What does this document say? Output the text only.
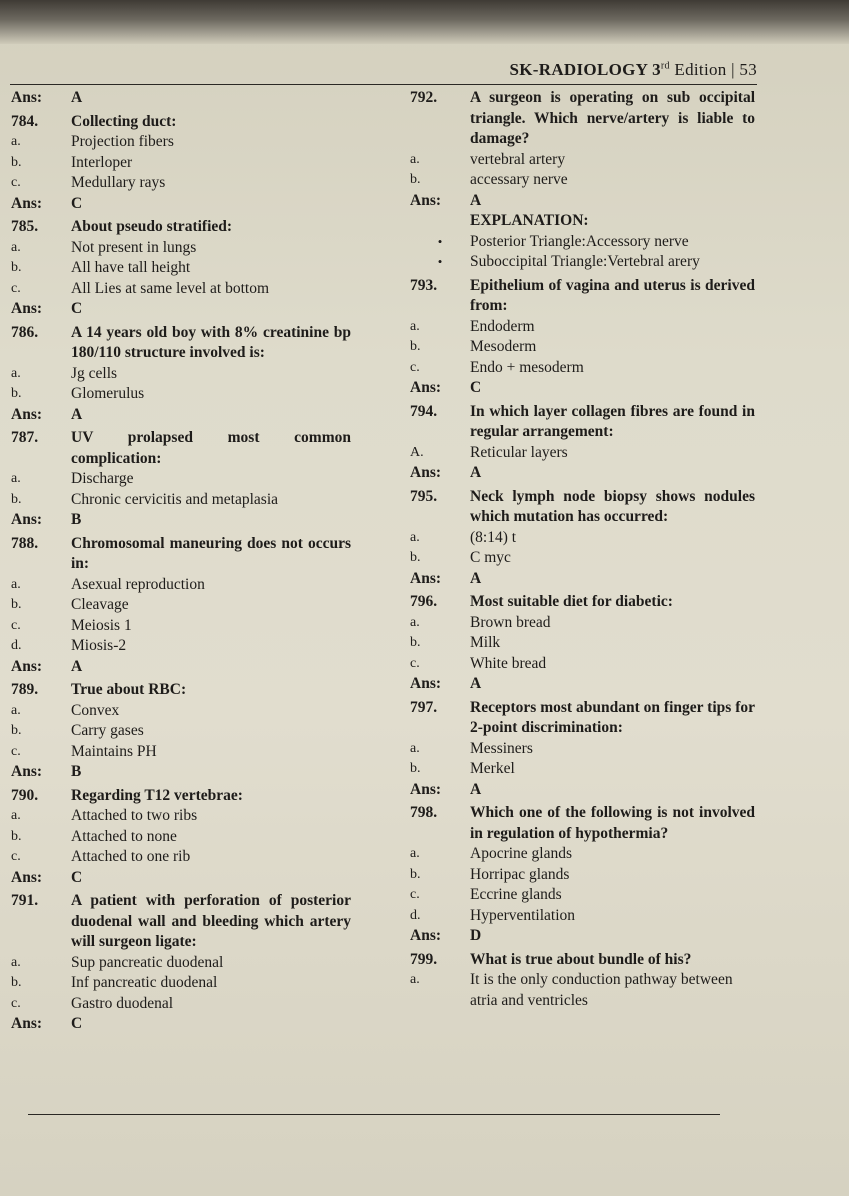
SK-RADIOLOGY 3rd Edition | 53
Ans:	A
784.	Collecting duct:
a.	Projection fibers
b.	Interloper
c.	Medullary rays
Ans:	C
785.	About pseudo stratified:
a.	Not present in lungs
b.	All have tall height
c.	All Lies at same level at bottom
Ans:	C
786.	A 14 years old boy with 8% creatinine bp 180/110 structure involved is:
a.	Jg cells
b.	Glomerulus
Ans:	A
787.	UV prolapsed most common complication:
a.	Discharge
b.	Chronic cervicitis and metaplasia
Ans:	B
788.	Chromosomal maneuring does not occurs in:
a.	Asexual reproduction
b.	Cleavage
c.	Meiosis 1
d.	Miosis-2
Ans:	A
789.	True about RBC:
a.	Convex
b.	Carry gases
c.	Maintains PH
Ans:	B
790.	Regarding T12 vertebrae:
a.	Attached to two ribs
b.	Attached to none
c.	Attached to one rib
Ans:	C
791.	A patient with perforation of posterior duodenal wall and bleeding which artery will surgeon ligate:
a.	Sup pancreatic duodenal
b.	Inf pancreatic duodenal
c.	Gastro duodenal
Ans:	C
792.	A surgeon is operating on sub occipital triangle. Which nerve/artery is liable to damage?
a.	vertebral artery
b.	accessary nerve
Ans:	A
EXPLANATION:
•	Posterior Triangle:Accessory nerve
•	Suboccipital Triangle:Vertebral arery
793.	Epithelium of vagina and uterus is derived from:
a.	Endoderm
b.	Mesoderm
c.	Endo + mesoderm
Ans:	C
794.	In which layer collagen fibres are found in regular arrangement:
A.	Reticular layers
Ans:	A
795.	Neck lymph node biopsy shows nodules which mutation has occurred:
a.	(8:14) t
b.	C myc
Ans:	A
796.	Most suitable diet for diabetic:
a.	Brown bread
b.	Milk
c.	White bread
Ans:	A
797.	Receptors most abundant on finger tips for 2-point discrimination:
a.	Messiners
b.	Merkel
Ans:	A
798.	Which one of the following is not involved in regulation of hypothermia?
a.	Apocrine glands
b.	Horripac glands
c.	Eccrine glands
d.	Hyperventilation
Ans:	D
799.	What is true about bundle of his?
a.	It is the only conduction pathway between atria and ventricles
